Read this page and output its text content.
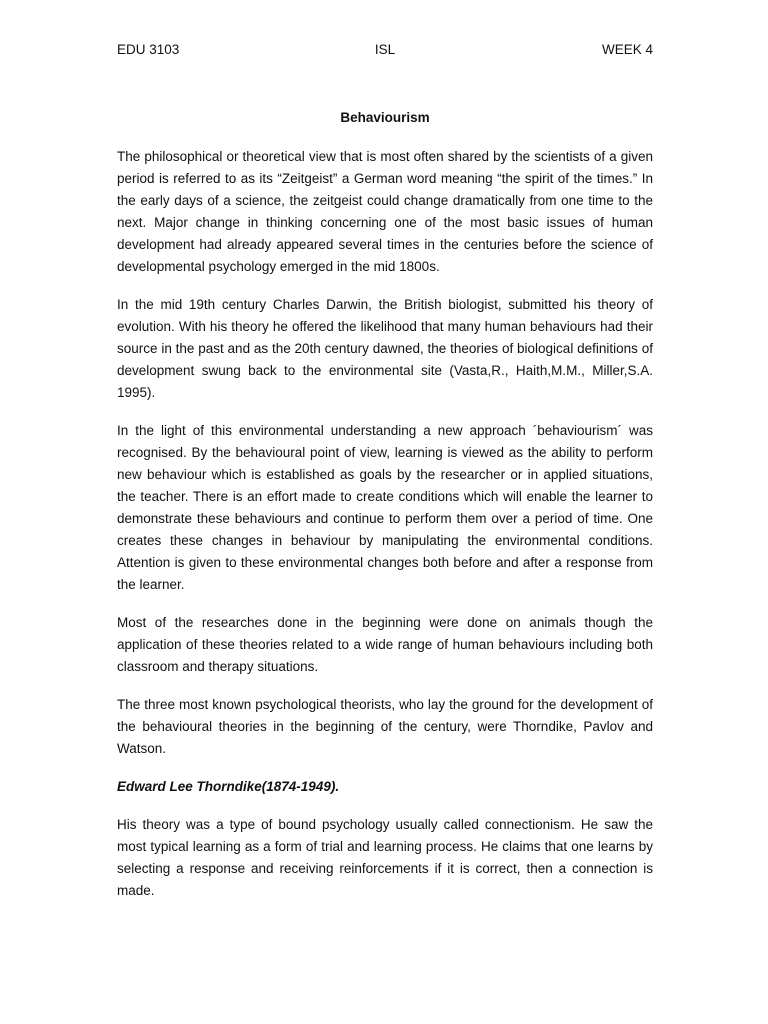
EDU 3103	ISL	WEEK 4
Behaviourism

The philosophical or theoretical view that is most often shared by the scientists of a given period is referred to as its “Zeitgeist” a German word meaning “the spirit of the times.” In the early days of a science, the zeitgeist could change dramatically from one time to the next. Major change in thinking concerning one of the most basic issues of human development had already appeared several times in the centuries before the science of developmental psychology emerged in the mid 1800s.

In the mid 19th century Charles Darwin, the British biologist, submitted his theory of evolution. With his theory he offered the likelihood that many human behaviours had their source in the past and as the 20th century dawned, the theories of biological definitions of development swung back to the environmental site (Vasta,R., Haith,M.M., Miller,S.A. 1995).

In the light of this environmental understanding a new approach ´behaviourism´ was recognised. By the behavioural point of view, learning is viewed as the ability to perform new behaviour which is established as goals by the researcher or in applied situations, the teacher. There is an effort made to create conditions which will enable the learner to demonstrate these behaviours and continue to perform them over a period of time. One creates these changes in behaviour by manipulating the environmental conditions. Attention is given to these environmental changes both before and after a response from the learner.

Most of the researches done in the beginning were done on animals though the application of these theories related to a wide range of human behaviours including both classroom and therapy situations.

The three most known psychological theorists, who lay the ground for the development of the behavioural theories in the beginning of the century, were Thorndike, Pavlov and Watson.

Edward Lee Thorndike(1874-1949).

His theory was a type of bound psychology usually called connectionism. He saw the most typical learning as a form of trial and learning process. He claims that one learns by selecting a response and receiving reinforcements if it is correct, then a connection is made.
